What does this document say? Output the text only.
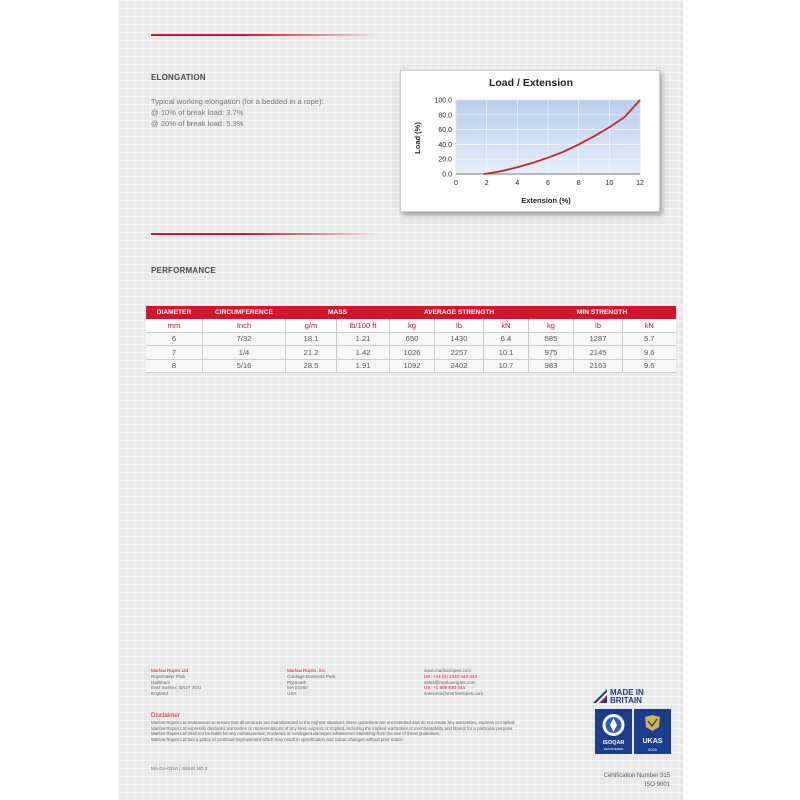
ELONGATION
Typical working elongation (for a bedded in a rope):
@ 10% of break load: 3.7%
@ 20% of break load: 5.3%
Load / Extension
Extension (%)
Load (%)
0.0
20.0
40.0
60.0
80.0
100.0
0	2	4	6	8	10	12
PERFORMANCE
DIAMETER	CIRCUMFERENCE	MASS		AVERAGE STRENGTH			MIN STRENGTH		
mm	Inch	g/m	lb/100 ft	kg	lb	kN	kg	lb	kN
6	7/32	18.1	1.21	650	1430	6.4	585	1287	5.7
7	1/4	21.2	1.42	1026	2257	10.1	975	2145	9.6
8	5/16	28.5	1.91	1092	2402	10.7	983	2163	9.6
Marlow Ropes Ltd
Ropemaker Park
Hailsham
East Sussex, BN27 3GU
England
Marlow Ropes, Inc.
Cordage Business Park
Plymouth
MA 02360
USA
www.marlowropes.com
UK: +44 (0) 1323 444 444
sales@marlowropes.com
US: +1 508 830 444
salesusa@marlowropes.com
Disclaimer
Marlow Ropes Ltd endeavours to ensure that all products are manufactured to the highest standard, these guidelines are not intended and do not create any warranties, express or implied.
Marlow Ropes Ltd expressly disclaims warranties or representations of any kind, express or implied, including the implied warranties of merchantability and fitness for a particular purpose.
Marlow Ropes Ltd shall not be liable for any consequential, incidental or contingent damages whatsoever stemming from the use of these guidelines.
Marlow Ropes Ltd has a policy of continual improvement which may result in specification and colour changes without prior notice.
MA-DA-032A | ISSUE NO.3
MADE IN
BRITAIN
ISOQAR
REGISTERED
UKAS
0026
Certification Number 315
ISO 9001
